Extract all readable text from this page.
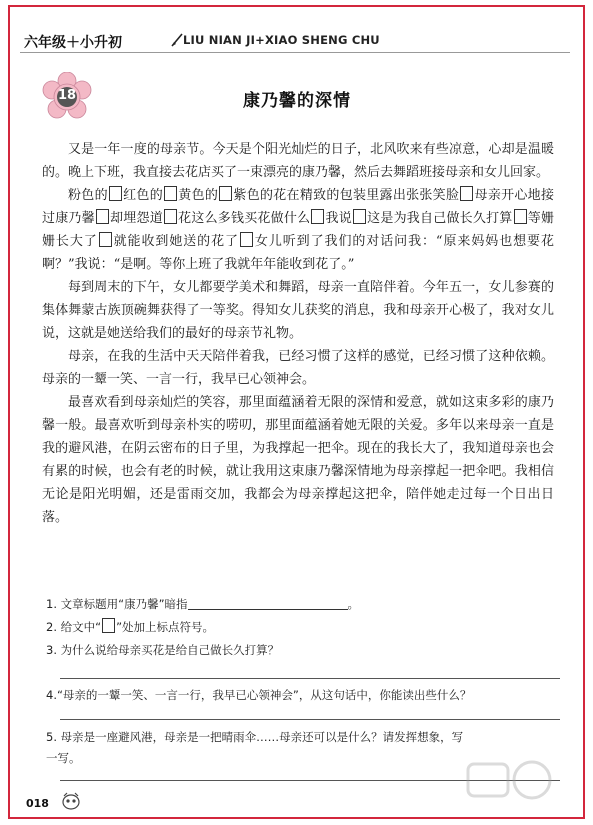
六年级＋小升初	LIU NIAN JI+XIAO SHENG CHU
18	康乃馨的深情

又是一年一度的母亲节。今天是个阳光灿烂的日子，北风吹来有些凉意，心却是温暖的。晚上下班，我直接去花店买了一束漂亮的康乃馨，然后去舞蹈班接母亲和女儿回家。

粉色的 红色的 黄色的 紫色的花在精致的包装里露出张张笑脸 母亲开心地接过康乃馨 却埋怨道 花这么多钱买花做什么 我说 这是为我自己做长久打算 等姗姗长大了 就能收到她送的花了 女儿听到了我们的对话问我：“原来妈妈也想要花啊？”我说：“是啊。等你上班了我就年年能收到花了。”

每到周末的下午，女儿都要学美术和舞蹈，母亲一直陪伴着。今年五一，女儿参赛的集体舞蒙古族顶碗舞获得了一等奖。得知女儿获奖的消息，我和母亲开心极了，我对女儿说，这就是她送给我们的最好的母亲节礼物。

母亲，在我的生活中天天陪伴着我，已经习惯了这样的感觉，已经习惯了这种依赖。母亲的一颦一笑、一言一行，我早已心领神会。

最喜欢看到母亲灿烂的笑容，那里面蕴涵着无限的深情和爱意，就如这束多彩的康乃馨一般。最喜欢听到母亲朴实的唠叨，那里面蕴涵着她无限的关爱。多年以来母亲一直是我的避风港，在阴云密布的日子里，为我撑起一把伞。现在的我长大了，我知道母亲也会有累的时候，也会有老的时候，就让我用这束康乃馨深情地为母亲撑起一把伞吧。我相信无论是阳光明媚，还是雷雨交加，我都会为母亲撑起这把伞，陪伴她走过每一个日出日落。

1. 文章标题用“康乃馨”暗指	。
2. 给文中“ ”处加上标点符号。
3. 为什么说给母亲买花是给自己做长久打算？
4.“母亲的一颦一笑、一言一行，我早已心领神会”，从这句话中，你能读出些什么？
5. 母亲是一座避风港，母亲是一把晴雨伞……母亲还可以是什么？请发挥想象，写
一写。
018
